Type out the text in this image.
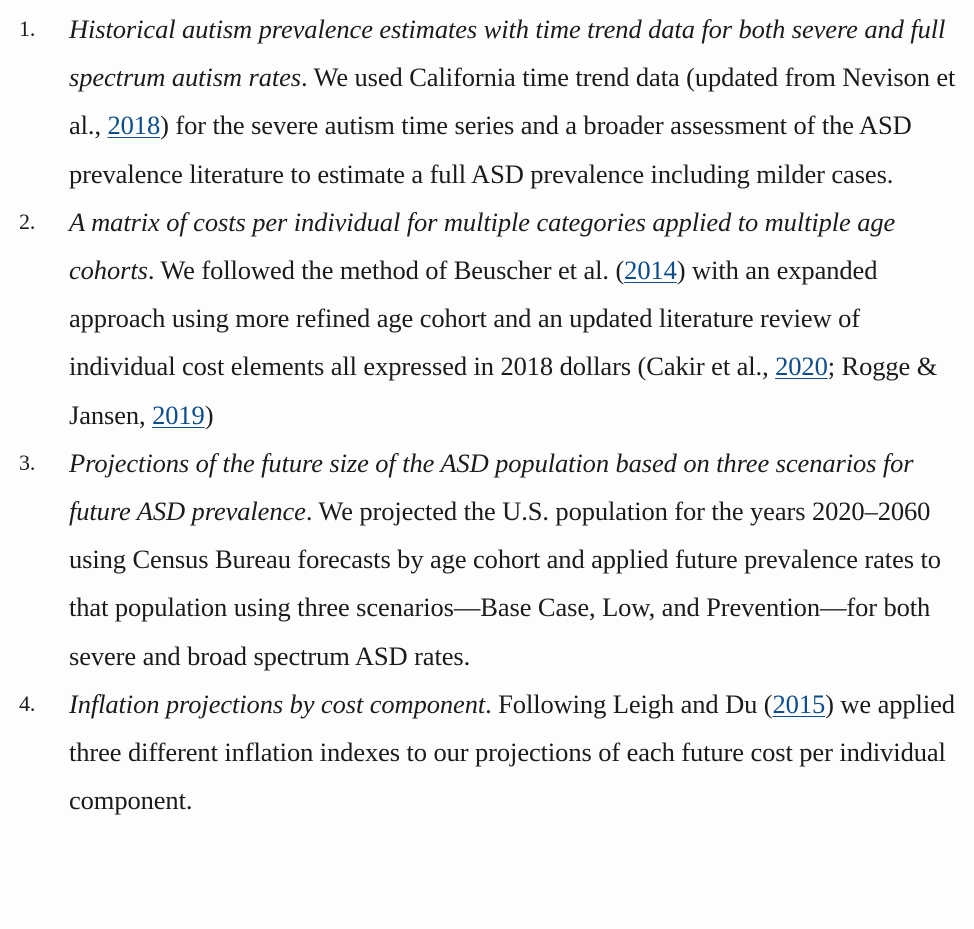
1.	Historical autism prevalence estimates with time trend data for both severe and full spectrum autism rates. We used California time trend data (updated from Nevison et al., 2018) for the severe autism time series and a broader assessment of the ASD prevalence literature to estimate a full ASD prevalence including milder cases.
2.	A matrix of costs per individual for multiple categories applied to multiple age cohorts. We followed the method of Beuscher et al. (2014) with an expanded approach using more refined age cohort and an updated literature review of individual cost elements all expressed in 2018 dollars (Cakir et al., 2020; Rogge & Jansen, 2019)
3.	Projections of the future size of the ASD population based on three scenarios for future ASD prevalence. We projected the U.S. population for the years 2020–2060 using Census Bureau forecasts by age cohort and applied future prevalence rates to that population using three scenarios—Base Case, Low, and Prevention—for both severe and broad spectrum ASD rates.
4.	Inflation projections by cost component. Following Leigh and Du (2015) we applied three different inflation indexes to our projections of each future cost per individual component.
